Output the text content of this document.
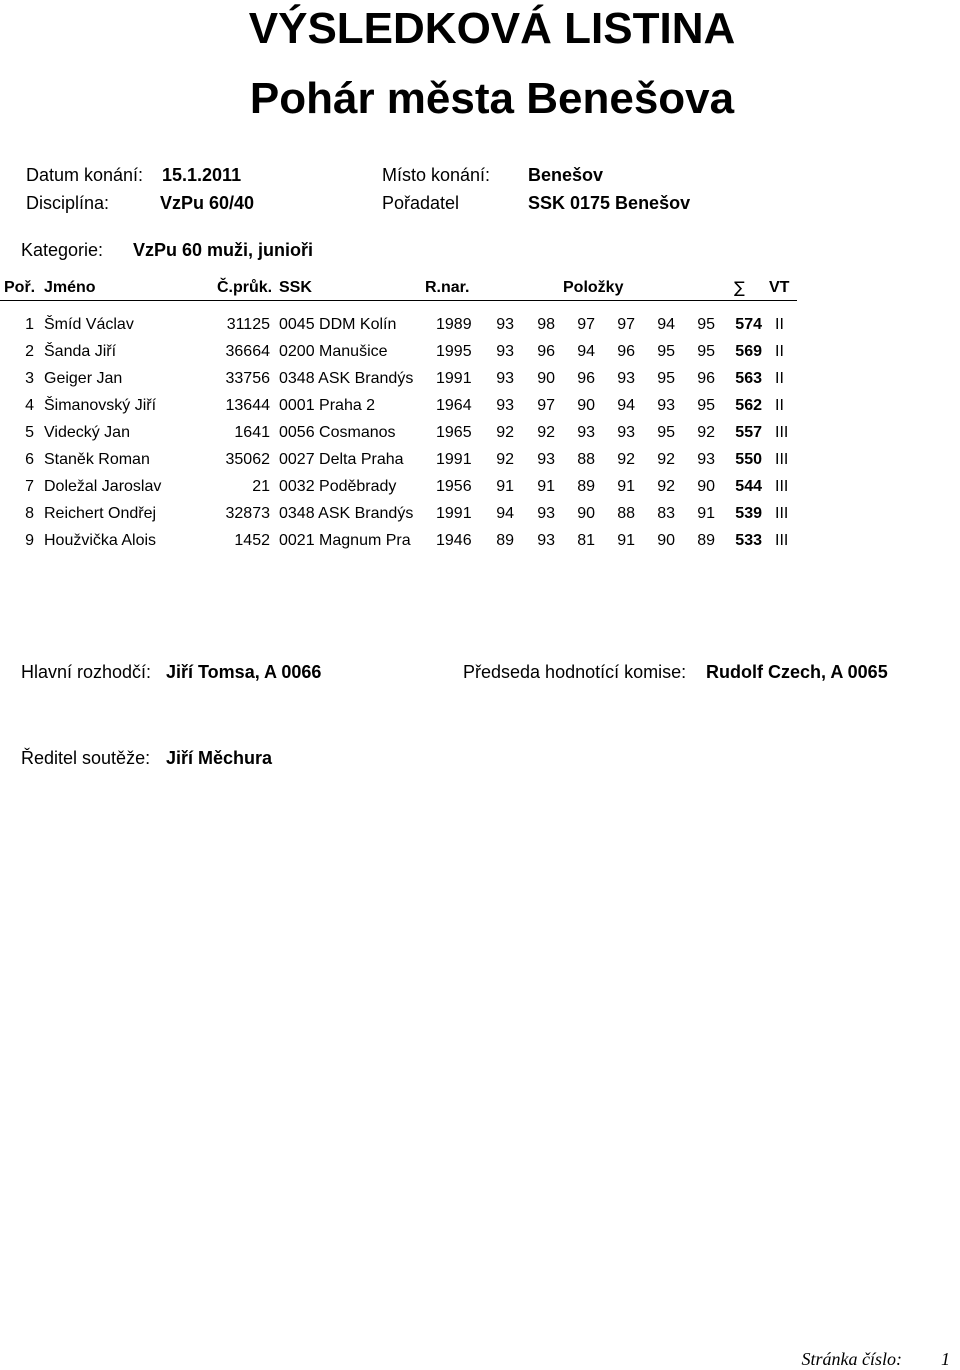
VÝSLEDKOVÁ LISTINA
Pohár města Benešova
Datum konání: 15.1.2011	Místo konání: Benešov
Disciplína:	VzPu 60/40	Pořadatel	SSK 0175 Benešov
Kategorie: VzPu 60 muži, junioři
Poř. Jméno	Č.průk. SSK	R.nar.	Položky	∑ VT
1 Šmíd Václav	31125 0045 DDM Kolín 1989	93	98	97	97	94	95	574 II
2 Šanda Jiří	36664 0200 Manušice	1995	93	96	94	96	95	95	569 II
3 Geiger Jan	33756 0348 ASK Brandýs 1991	93	90	96	93	95	96	563 II
4 Šimanovský Jiří	13644 0001 Praha 2	1964	93	97	90	94	93	95	562 II
5 Videcký Jan	1641 0056 Cosmanos	1965	92	92	93	93	95	92	557 III
6 Staněk Roman	35062 0027 Delta Praha 1991	92	93	88	92	92	93	550 III
7 Doležal Jaroslav	21 0032 Poděbrady 1956	91	91	89	91	92	90	544 III
8 Reichert Ondřej	32873 0348 ASK Brandýs 1991	94	93	90	88	83	91	539 III
9 Houžvička Alois	1452 0021 Magnum Pra 1946	89	93	81	91	90	89	533 III
Hlavní rozhodčí: Jiří Tomsa, A 0066	Předseda hodnotící komise: Rudolf Czech, A 0065
Ředitel soutěže: Jiří Měchura
Stránka číslo: 1
